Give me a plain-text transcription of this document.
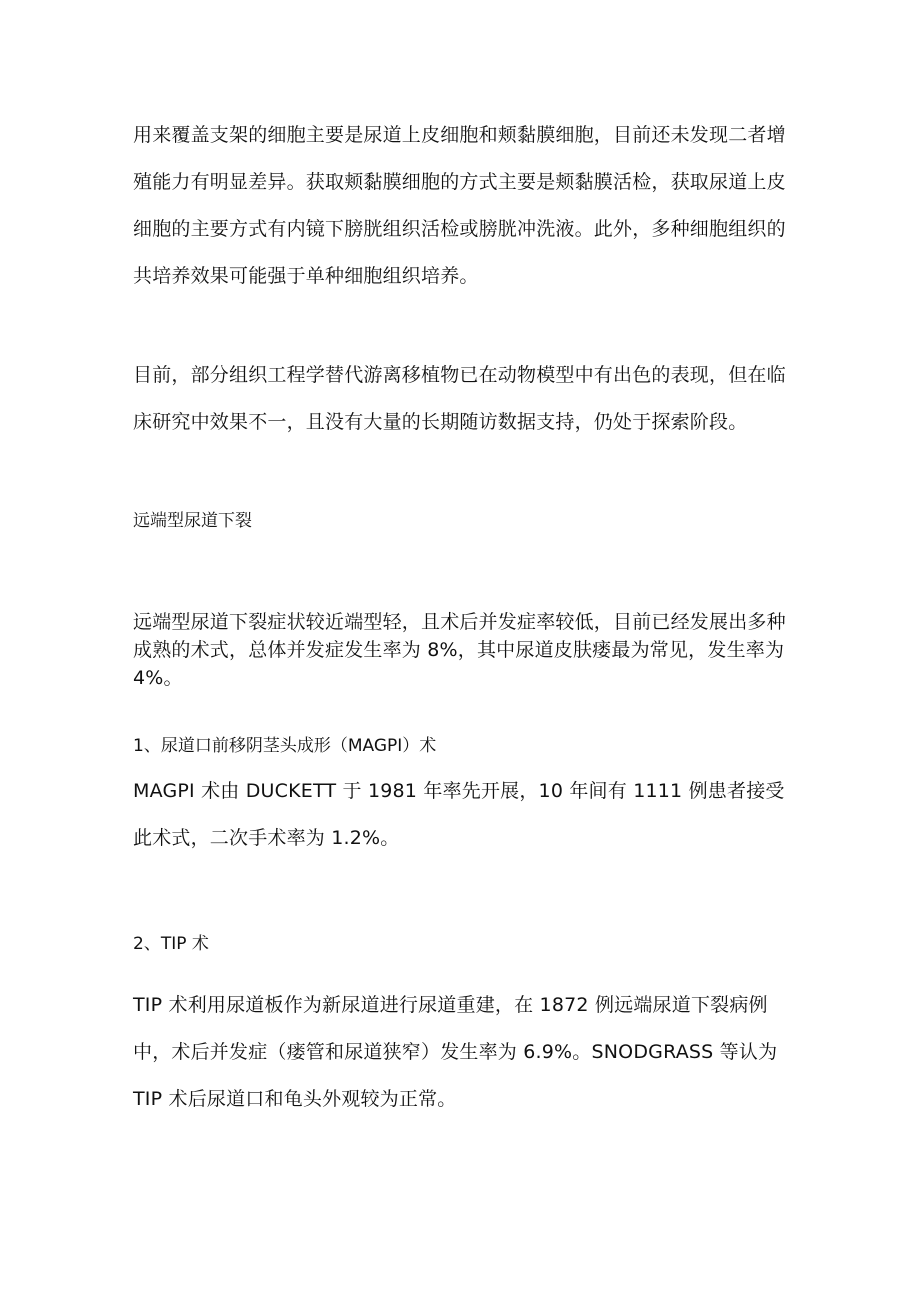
用来覆盖支架的细胞主要是尿道上皮细胞和颊黏膜细胞，目前还未发现二者增殖能力有明显差异。获取颊黏膜细胞的方式主要是颊黏膜活检，获取尿道上皮细胞的主要方式有内镜下膀胱组织活检或膀胱冲洗液。此外，多种细胞组织的共培养效果可能强于单种细胞组织培养。

目前，部分组织工程学替代游离移植物已在动物模型中有出色的表现，但在临床研究中效果不一，且没有大量的长期随访数据支持，仍处于探索阶段。

远端型尿道下裂

远端型尿道下裂症状较近端型轻，且术后并发症率较低，目前已经发展出多种成熟的术式，总体并发症发生率为 8%，其中尿道皮肤瘘最为常见，发生率为 4%。

1、尿道口前移阴茎头成形（MAGPI）术

MAGPI 术由 DUCKETT 于 1981 年率先开展，10 年间有 1111 例患者接受此术式，二次手术率为 1.2%。

2、TIP 术

TIP 术利用尿道板作为新尿道进行尿道重建，在 1872 例远端尿道下裂病例中，术后并发症（瘘管和尿道狭窄）发生率为 6.9%。SNODGRASS 等认为 TIP 术后尿道口和龟头外观较为正常。
